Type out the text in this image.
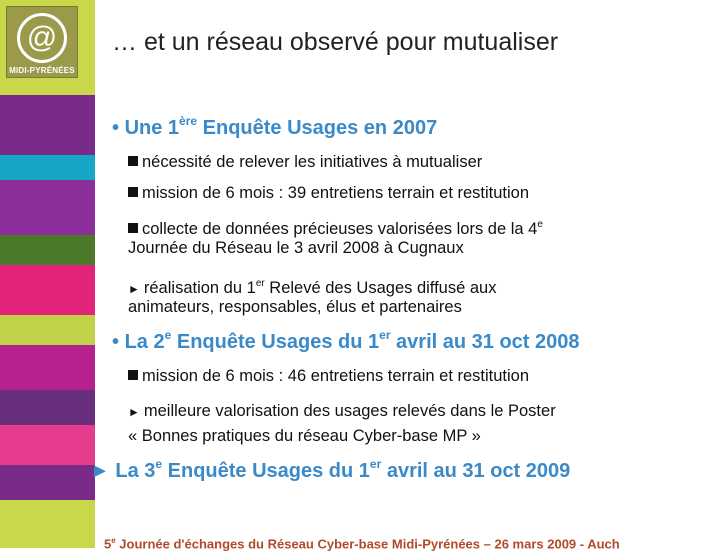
@
MIDI-PYRÉNÉES
… et un réseau observé pour mutualiser
• Une 1ère Enquête Usages en 2007
nécessité de relever les initiatives à mutualiser
mission de 6 mois : 39 entretiens terrain et restitution
collecte de données précieuses valorisées lors de la 4e
Journée du Réseau le 3 avril 2008 à Cugnaux
► réalisation du 1er Relevé des Usages diffusé aux
animateurs, responsables, élus et partenaires
• La 2e Enquête Usages du 1er avril au 31 oct 2008
mission de 6 mois : 46 entretiens terrain et restitution
► meilleure valorisation des usages relevés dans le Poster
« Bonnes pratiques du réseau Cyber-base MP »
► La 3e Enquête Usages du 1er avril au 31 oct 2009
5e Journée d'échanges du Réseau Cyber-base Midi-Pyrénées – 26 mars 2009 - Auch
